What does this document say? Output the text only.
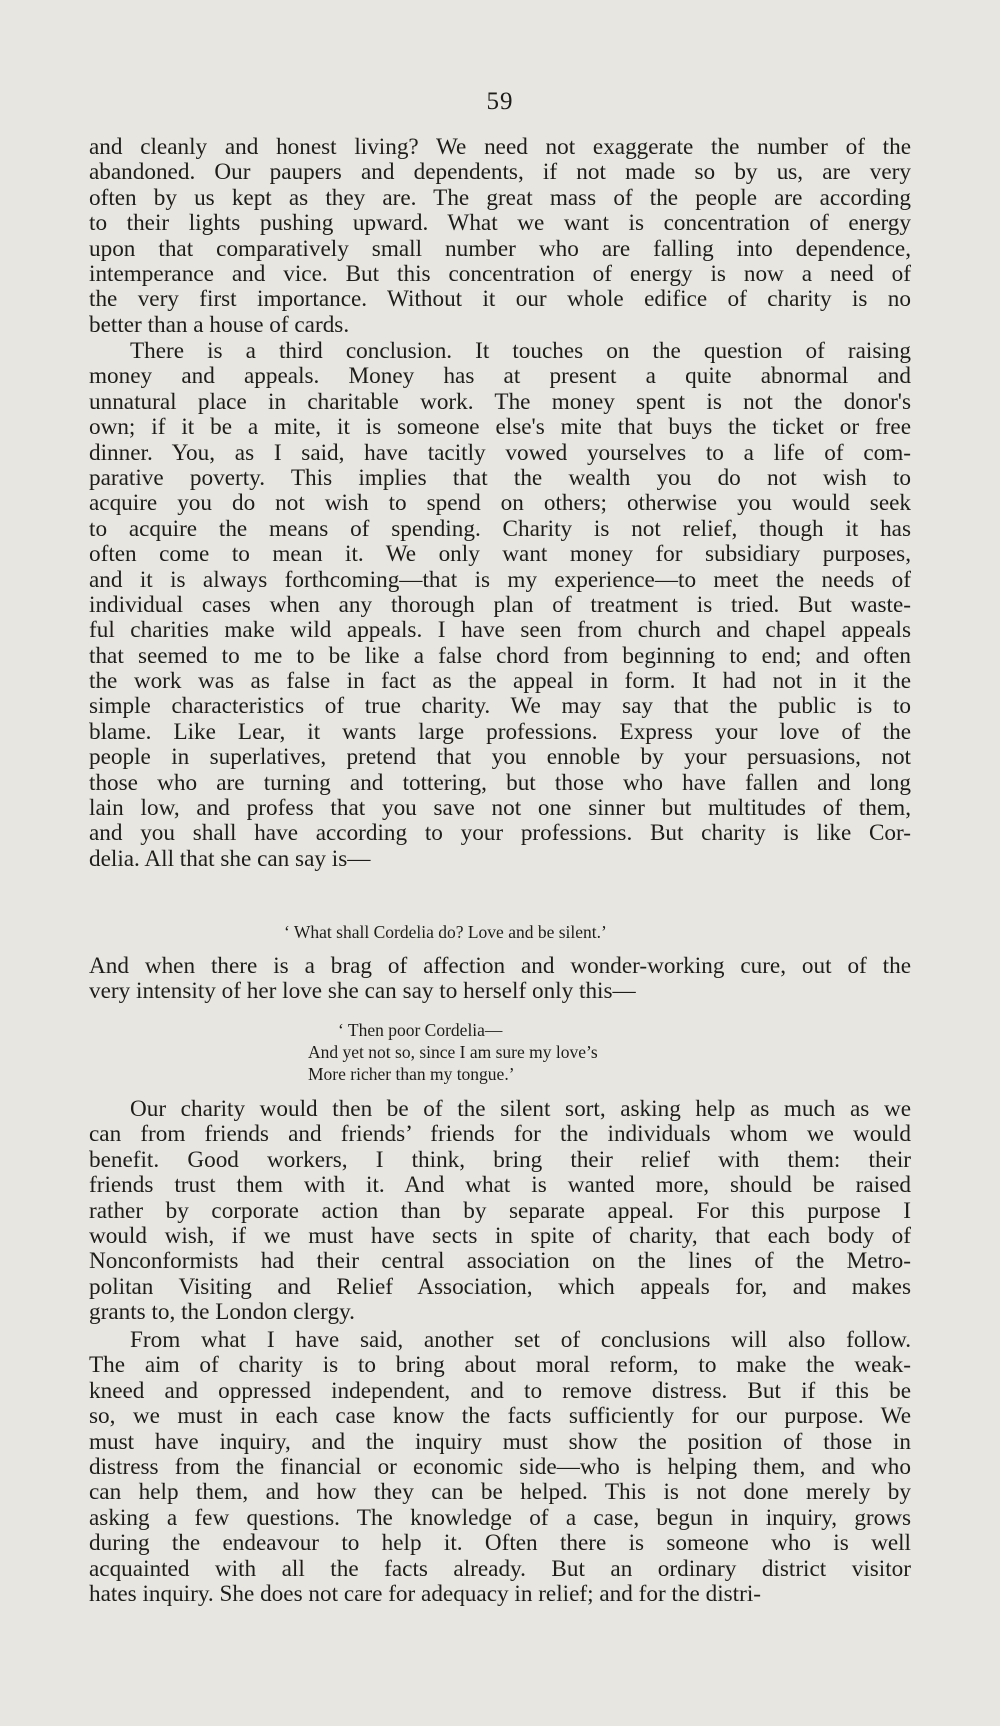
59
and cleanly and honest living? We need not exaggerate the number of the
abandoned. Our paupers and dependents, if not made so by us, are very
often by us kept as they are. The great mass of the people are according
to their lights pushing upward. What we want is concentration of energy
upon that comparatively small number who are falling into dependence,
intemperance and vice. But this concentration of energy is now a need of
the very first importance. Without it our whole edifice of charity is no
better than a house of cards.
There is a third conclusion. It touches on the question of raising
money and appeals. Money has at present a quite abnormal and
unnatural place in charitable work. The money spent is not the donor's
own; if it be a mite, it is someone else's mite that buys the ticket or free
dinner. You, as I said, have tacitly vowed yourselves to a life of com-
parative poverty. This implies that the wealth you do not wish to
acquire you do not wish to spend on others; otherwise you would seek
to acquire the means of spending. Charity is not relief, though it has
often come to mean it. We only want money for subsidiary purposes,
and it is always forthcoming—that is my experience—to meet the needs of
individual cases when any thorough plan of treatment is tried. But waste-
ful charities make wild appeals. I have seen from church and chapel appeals
that seemed to me to be like a false chord from beginning to end; and often
the work was as false in fact as the appeal in form. It had not in it the
simple characteristics of true charity. We may say that the public is to
blame. Like Lear, it wants large professions. Express your love of the
people in superlatives, pretend that you ennoble by your persuasions, not
those who are turning and tottering, but those who have fallen and long
lain low, and profess that you save not one sinner but multitudes of them,
and you shall have according to your professions. But charity is like Cor-
delia. All that she can say is—
‘ What shall Cordelia do? Love and be silent.’
And when there is a brag of affection and wonder-working cure, out of the
very intensity of her love she can say to herself only this—
‘ Then poor Cordelia—
And yet not so, since I am sure my love’s
More richer than my tongue.’
Our charity would then be of the silent sort, asking help as much as we
can from friends and friends’ friends for the individuals whom we would
benefit. Good workers, I think, bring their relief with them: their
friends trust them with it. And what is wanted more, should be raised
rather by corporate action than by separate appeal. For this purpose I
would wish, if we must have sects in spite of charity, that each body of
Nonconformists had their central association on the lines of the Metro-
politan Visiting and Relief Association, which appeals for, and makes
grants to, the London clergy.
From what I have said, another set of conclusions will also follow.
The aim of charity is to bring about moral reform, to make the weak-
kneed and oppressed independent, and to remove distress. But if this be
so, we must in each case know the facts sufficiently for our purpose. We
must have inquiry, and the inquiry must show the position of those in
distress from the financial or economic side—who is helping them, and who
can help them, and how they can be helped. This is not done merely by
asking a few questions. The knowledge of a case, begun in inquiry, grows
during the endeavour to help it. Often there is someone who is well
acquainted with all the facts already. But an ordinary district visitor
hates inquiry. She does not care for adequacy in relief; and for the distri-
